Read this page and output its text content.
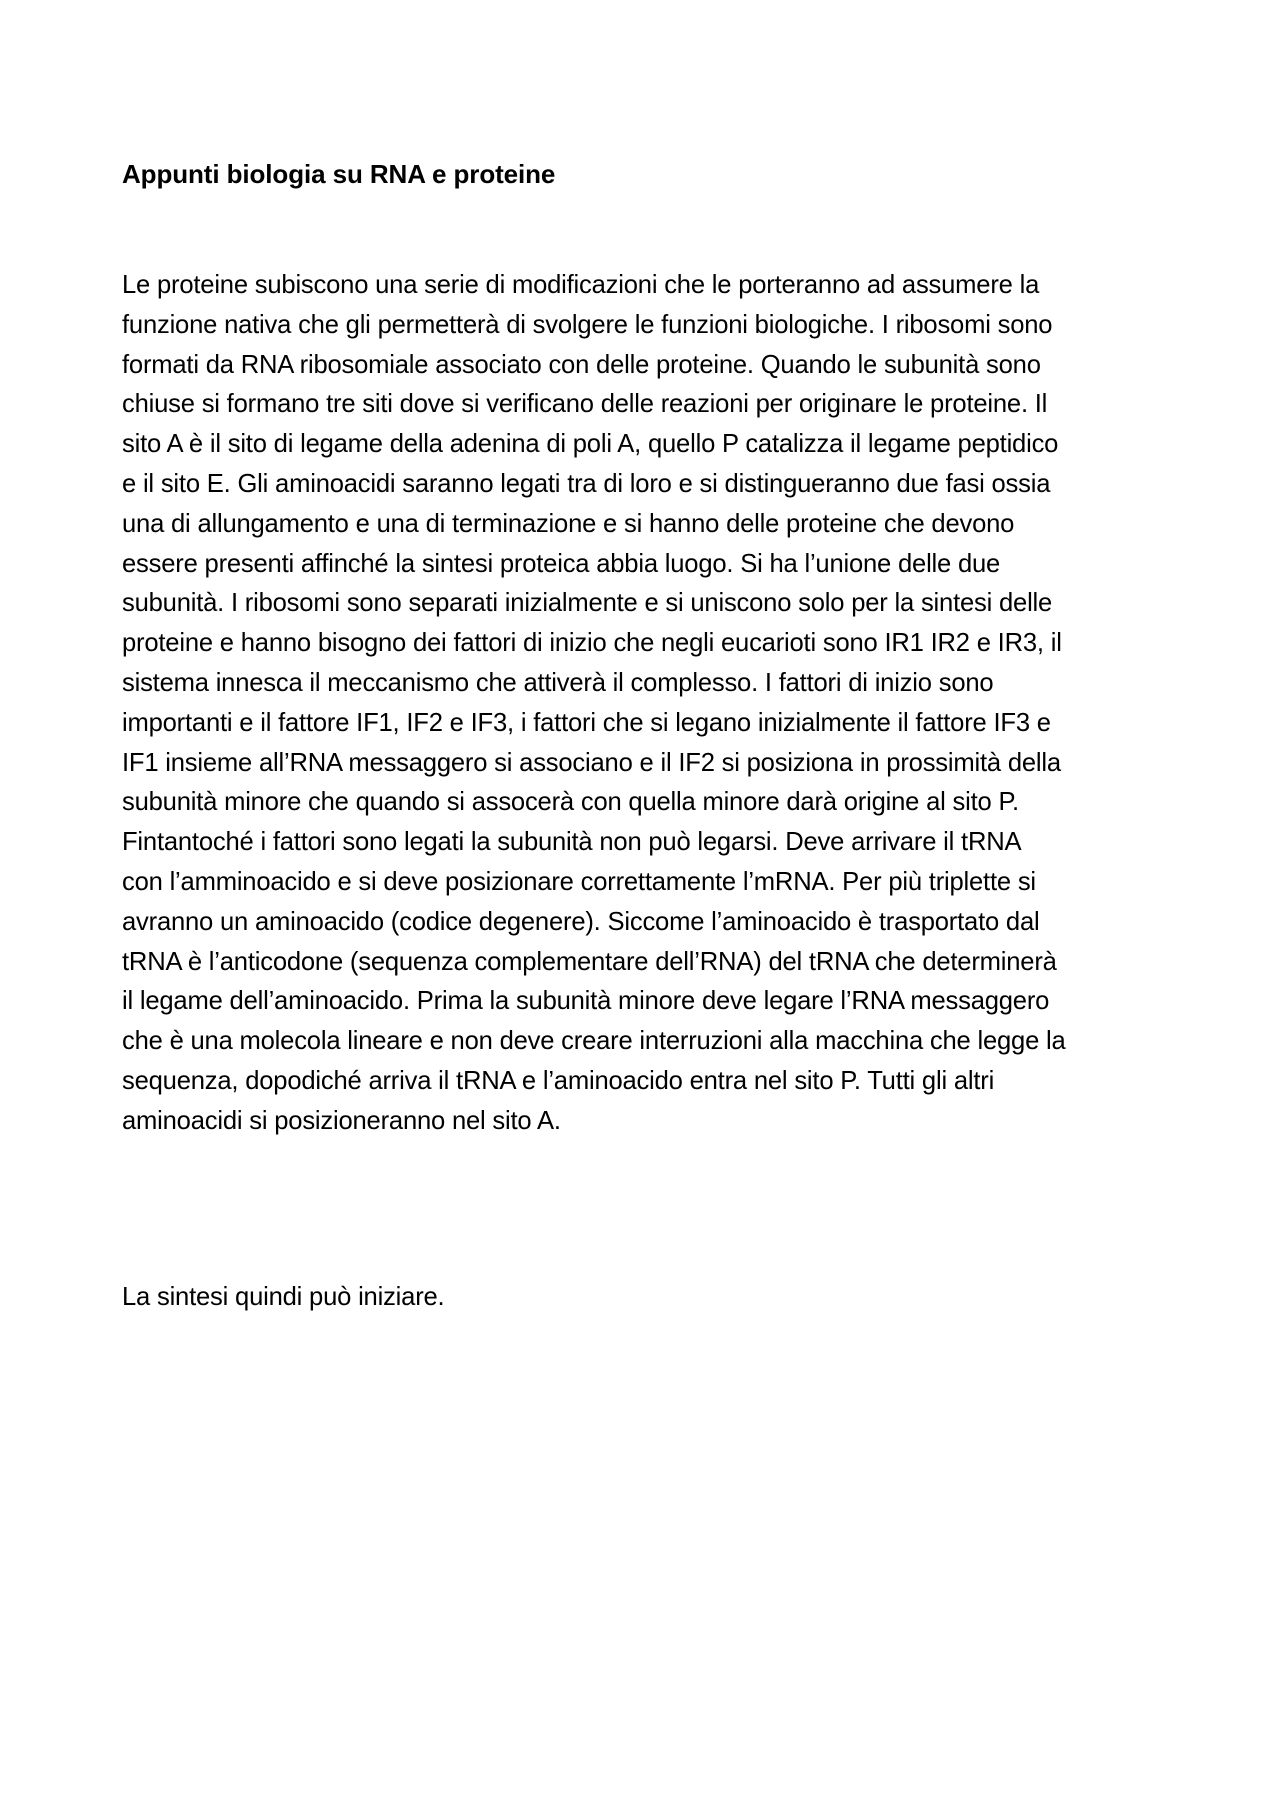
Appunti biologia su RNA e proteine

Le proteine subiscono una serie di modificazioni che le porteranno ad assumere la
funzione nativa che gli permetterà di svolgere le funzioni biologiche. I ribosomi sono
formati da RNA ribosomiale associato con delle proteine. Quando le subunità sono
chiuse si formano tre siti dove si verificano delle reazioni per originare le proteine. Il
sito A è il sito di legame della adenina di poli A, quello P catalizza il legame peptidico
e il sito E. Gli aminoacidi saranno legati tra di loro e si distingueranno due fasi ossia
una di allungamento e una di terminazione e si hanno delle proteine che devono
essere presenti affinché la sintesi proteica abbia luogo. Si ha l’unione delle due
subunità. I ribosomi sono separati inizialmente e si uniscono solo per la sintesi delle
proteine e hanno bisogno dei fattori di inizio che negli eucarioti sono IR1 IR2 e IR3, il
sistema innesca il meccanismo che attiverà il complesso. I fattori di inizio sono
importanti e il fattore IF1, IF2 e IF3, i fattori che si legano inizialmente il fattore IF3 e
IF1 insieme all’RNA messaggero si associano e il IF2 si posiziona in prossimità della
subunità minore che quando si assocerà con quella minore darà origine al sito P.
Fintantoché i fattori sono legati la subunità non può legarsi. Deve arrivare il tRNA
con l’amminoacido e si deve posizionare correttamente l’mRNA. Per più triplette si
avranno un aminoacido (codice degenere). Siccome l’aminoacido è trasportato dal
tRNA è l’anticodone (sequenza complementare dell’RNA) del tRNA che determinerà
il legame dell’aminoacido. Prima la subunità minore deve legare l’RNA messaggero
che è una molecola lineare e non deve creare interruzioni alla macchina che legge la
sequenza, dopodiché arriva il tRNA e l’aminoacido entra nel sito P. Tutti gli altri
aminoacidi si posizioneranno nel sito A.

La sintesi quindi può iniziare.
